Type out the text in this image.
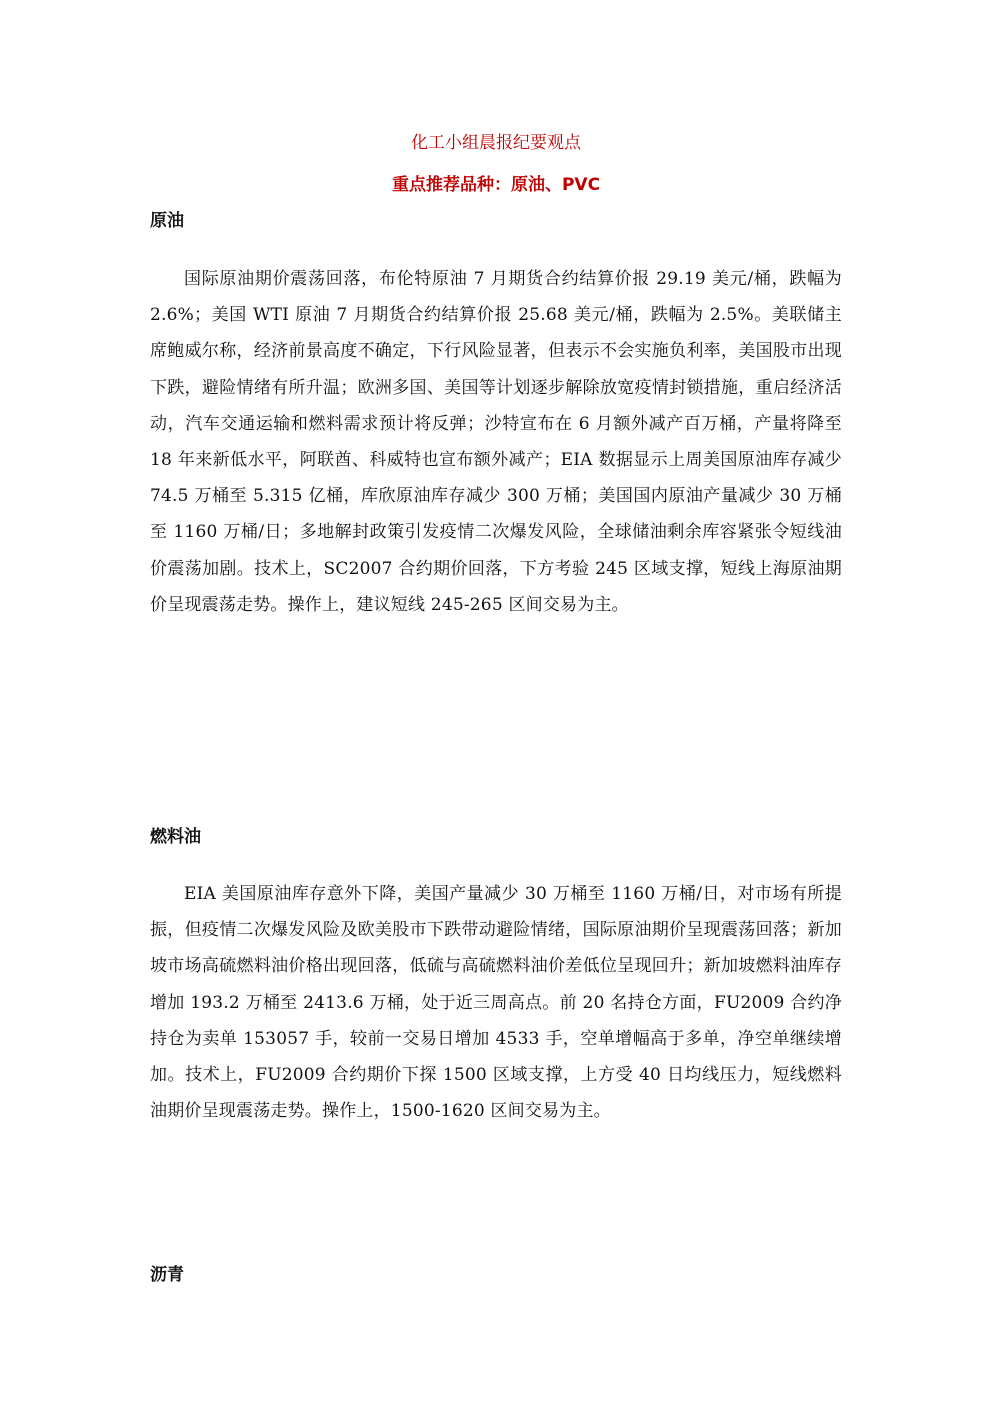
化工小组晨报纪要观点
重点推荐品种：原油、PVC
原油

国际原油期价震荡回落，布伦特原油 7 月期货合约结算价报 29.19 美元/桶，跌幅为 2.6%；美国 WTI 原油 7 月期货合约结算价报 25.68 美元/桶，跌幅为 2.5%。美联储主席鲍威尔称，经济前景高度不确定，下行风险显著，但表示不会实施负利率，美国股市出现下跌，避险情绪有所升温；欧洲多国、美国等计划逐步解除放宽疫情封锁措施，重启经济活动，汽车交通运输和燃料需求预计将反弹；沙特宣布在 6 月额外减产百万桶，产量将降至 18 年来新低水平，阿联酋、科威特也宣布额外减产；EIA 数据显示上周美国原油库存减少 74.5 万桶至 5.315 亿桶，库欣原油库存减少 300 万桶；美国国内原油产量减少 30 万桶至 1160 万桶/日；多地解封政策引发疫情二次爆发风险，全球储油剩余库容紧张令短线油价震荡加剧。技术上，SC2007 合约期价回落，下方考验 245 区域支撑，短线上海原油期价呈现震荡走势。操作上，建议短线 245-265 区间交易为主。

燃料油

EIA 美国原油库存意外下降，美国产量减少 30 万桶至 1160 万桶/日，对市场有所提振，但疫情二次爆发风险及欧美股市下跌带动避险情绪，国际原油期价呈现震荡回落；新加坡市场高硫燃料油价格出现回落，低硫与高硫燃料油价差低位呈现回升；新加坡燃料油库存增加 193.2 万桶至 2413.6 万桶，处于近三周高点。前 20 名持仓方面，FU2009 合约净持仓为卖单 153057 手，较前一交易日增加 4533 手，空单增幅高于多单，净空单继续增加。技术上，FU2009 合约期价下探 1500 区域支撑，上方受 40 日均线压力，短线燃料油期价呈现震荡走势。操作上，1500-1620 区间交易为主。

沥青
